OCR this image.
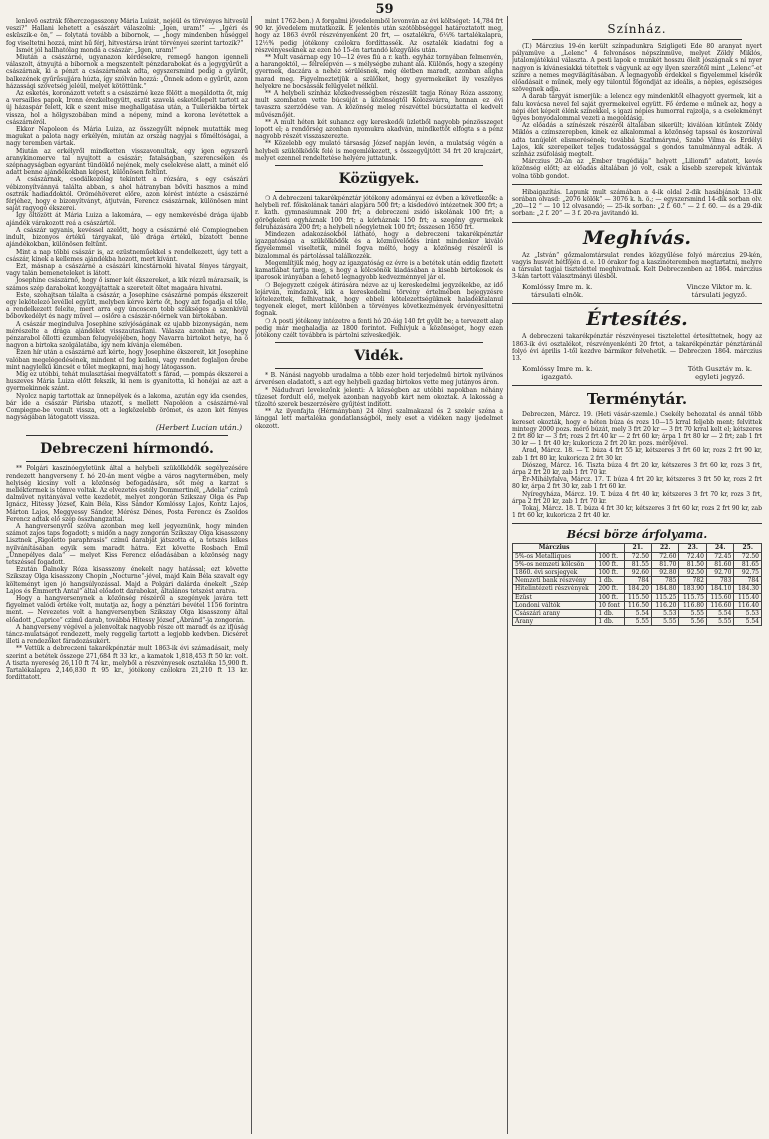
59

lenlevő osztrák főherczegasszony Mária Luizát, nejéül és törvényes hitvesül veszi?“ Hallani lehetett a császárt válaszolni: „Igen, uram!“ — „Igéri és esküszik-e ön,“ — folytatá tovább a bibornok, — „hogy mindenben hűséggel fog viseltetni hozzá, mint hű férj, hitvestársa iránt törvényei szerint tartozik?“

Ismét jól hallhatólag mondá a császár: „Igen, uram!“

Miután a császárné, ugyanazon kérdésekre, remegő hangon igenneli válaszolt, átnyujtá a bibornok a megszentelt pénzdarabokat és a jegygyűrűt a császárnak, ki a pénzt a császárnénak adta, egyszersmind pedig a gyűrűt, balkezének gyűrűsujjára húzta, így szólván hozzá: „Önnek adom e gyűrűt, azon házassági szövetség jeléül, melyet kötöttünk.“

Az esketés, koronázott vetett s a császárné keze fölött a megáldotta őt, míg a versailles papok, Ironn érezkeltegyütt, eszüt szavelá esketötlepelt tartott az új házaspár felett, kik e szent mise meghallgatása után, a Tuileriákba tértek vissza, hol a hölgyszobában mind a népeny, mind a korona levétettek a császárnéról.

Ekkor Napoleon és Mária Luiza, az összegyűlt népnek mutatták meg magukat a palota nagy erkélyén, miután az ország nagyjai s főméltóságai, a nagy teremben vártak.

Miután az erkélyről mindketten visszavonultak, egy igen egyszerű aranykinomerve tal nyujtott a császár; fatalságban, szerencséken és szépnagyságban egyaránt tündöklő nejének, mely cselekvése alatt, a minét elő adatt benne ajándékokban képest, különösen feltűnt.

A császárnak, csodálkozólag tekintett a rózsára, s egy császári vébizonyítvánnyá találta abban, s ahol hátranyban bővíti hasznos a mind osztrák hadiaddoktól. Oröméhöveret előre, azon kérést intézte a császárné férjéhez, hogy e bizonyítványt, átjutván, Ferencz császárnak, különösen mint saját ragyogó ékszerei.

Így öltözött át Mária Luiza a lakomára, — egy nemkevésbé drága újabb ajándék várakozott reá a császártól.

A császár ugyanis, kevéssel azelőtt, hogy a császárné elé Compiegneben indult, bizonyos értékű tárgyakat, ülé drága értékű, bízatott benne ajándékokban, különösen feltűnt.

Mint a nap többi császár is, az ezüstneműekkel s rendelkezett, úgy tett a császár, kinek a kellemes ajándékba hozott, mert kívánt.

Ezt, másnap a császárné a császári kincstárnoki hivatal fényes tárgyait, vagy talán bemeneteleket is látott.

Josephine császárnő, hogy ő ismer két ékszereket, a kik rézzű márazsaik, is számos szép darabokat kozgyájtattak a szereteit öltet magaára hivatni.

Este, szohajtsan tálalta a császár, a Josephine császárné pompás ékszereit egy lekötelezó levéllel együtt, melyben kérve kérte őt, hogy azt fogadja el tőle, a rendelkezett feleíte, mert arra egy úncoscen tobb szükséges a szenkívül bőbovkedélyt és nagy művel — oslőre a császár-nőérnek van birtokában.

A császár megindulva Josephine szívjóságának ez ujabb bizonyságán, nem mérészelte a drága ajándékot visszautasítani. Válasza azonban az, hogy pénzarabol öllotti ezumban felugyeléjében, hogy Navarra birtokot hetye, ha ő nagyon a birtoka szolgálatába, így nem kívánja elemében.

Ezen hír után a császárné azt kérte, hogy Josephine ékszereit, kit Josephine valóban megelégedésének, mindent el fog kelleni, vagy rendet foglaljon őrebe mint nagylelkű kincsét e tőlet megkapni, maj hogy látogasson.

Míg ez utóbbi, tehát mulasztásai megváltatott s fárad, — pompás ékszerei a huszeves Mária Luiza előtt fekszik, ki nem is gyanította, ki honéjai az azt a gyermekinnek szánt.

Nyolcz napig tartottak az ünnepélyek és a lakoma, azután egy ida csendes, bár ide a császár Párisba utazott, s mellett Napoléon a császárné-val Compiegne-be vonult vissza, ott a legközelebb örömet, és azon két fényes nagyságában látogatott vissza.

(Herbert Lucian után.)
Debreczeni hírmondó.

** Polgári kaszinóegyletünk által a helybeli szükölködők segélyezésére rendezett hangverseny f. hó 20-án ment végbe a város nagytermében, mely helyiség kicsiny volt a közönség befogadására, sőt még a karzat s melléktermek is tömve voltak. Az elvezetés estély Dommertinél, „Adelia“ czímű dalművet nyitányával vette kezdetét, melyet zongorán Szikszay Olga és Pap Ignácz, Hitessy József, Kain Béla, Kiss Sándor Komlóssy Lajos, Kontz Lajos, Márton Lajos, Meggyessy Sándor, Mérész Dénes, Posta Ferencz és Zsoldos Ferencz adtak elő szép összhangzattal.

A hangversenyről szólva azonban meg kell jegyeznünk, hogy minden számot zajos taps fogadott; s midőn a nagy zongorán Szikszay Olga kisasszony Lisztnek „Rigoletto paraphrasis“ czímű darabját játszotta el, a tetszés lelkes nyilvánításában egyik sem maradt hátra. Ezt követte Rosbach Emil „Ünnepélyes dala“ — melyet Kiss Ferencz előadásában a közönség nagy tetszéssel fogadott.

Ezután Dalnoky Róza kisasszony énekelt nagy hatással; ezt követte Szikszay Olga kisasszony Chopin „Nocturne“-jével, majd Kain Béla szavalt egy költeményt igen jó hangsúlyozással. Majd a Polgári dalárda énekelt „Szép Lajos és Emmerth Antal“ által előadott darabokat, általános tetszést aratva.

Hogy a hangversenynek a közönség részéről a szegények javára tett figyelmet valódi értéke volt, mutatja az, hogy a pénztári bevétel 1156 forintra ment. — Nevezetes volt a hangversenyben Szikszay Olga kisasszony által előadott „Caprice“ czímű darab, továbbá Hitessy József „Ábránd“-ja zongorán.

A hangverseny végével a jelenvoltak nagyobb része ott maradt és az ifjúság táncz-mulatságot rendezett, mely reggelig tartott a legjobb kedvben. Dicséret illeti a rendezőket fáradozásukért.

** Vettük a debreczeni takarékpénztár mult 1863-ik évi számadásait, mely szerint a betétek összege 271,684 ft 33 kr., a kamatok 1,818,453 ft 50 kr. volt. A tiszta nyereség 26,110 ft 74 kr., melyből a részvényesek osztaléka 15,900 ft. Tartalékalapra 2,146,830 ft 95 kr., jótékony czélokra 21,210 ft 13 kr. fordíttatott.

mint 1762-ben.) A forgalmi jövedelemből levonván az évi költséget: 14,784 frt 90 kr. jövedelem mutatkozik. E jelentés után szótöbbséggel határoztatott meg, hogy az 1863 évről részvényenként 20 frt, — osztalékra, 6¼% tartalékalapra, 12½% pedig jótékony czélokra fordíttassék. Az osztalék kiadatni fog a részvényeseknek az ezen hó 15-én tartandó közgyűlés után.

** Mult vasárnap egy 10—12 éves fiú a r. kath. egyház tornyában felmenvén, a harangoktól, — félrelépvén — s mélységbe zuhant alá. Különös, hogy a szegény gyermek, daczára a nehéz sérülésnek, még életben maradt, azonban aligha marad meg. Figyelmeztetjük a szülőket, hogy gyermekeiket ily veszélyes helyekre ne bocsássák felügyelet nélkül.

** A helybeli színház közkedvességben részesült tagja Rónay Róza asszony, mult szombaton vette búcsúját a közönségtől Kolozsvárra, honnan ez évi tavaszra szerződése van. A közönség meleg részvéttel búcsúztatta el kedvelt művésznőjét.

** A mult héten két suhancz egy kereskedői üzletből nagyobb pénzösszeget lopott el; a rendőrség azonban nyomukra akadván, mindkettőt elfogta s a pénz nagyobb részét visszaszerezte.

** Közelebb egy mulató társaság József napján levén, a mulatság végén a helybeli szükölködők felé is megemlékezett, s összegyűjtött 34 frt 20 krajczárt, melyet ezennel rendeltetése helyére juttatunk.

Közügyek.

❍ A debreczeni takarékpénztár jótékony adományai ez évben a következők: a helybeli ref. főiskolának tanári alapjára 500 frt; a kisdedóvó intézetnek 300 frt; a r. kath. gymnasiumnak 200 frt; a debreczeni zsidó iskolának 100 frt; a görögkeleti egyháznak 100 frt; a kórháznak 150 frt; a szegény gyermekek felruházására 200 frt; a helybeli nőegyletnek 100 frt; összesen 1650 frt.

Mindezen adakozásokból látható, hogy a debreczeni takarékpénztár igazgatósága a szükölködők és a közművelődés iránt mindenkor kiváló figyelemmel viseltetik, minél fogva méltó, hogy a közönség részéről is bizalommal és pártolással találkozzék.

Megemlítjük még, hogy az igazgatóság ez évre is a betétek után eddig fizetett kamatlábat tartja meg, s hogy a kölcsönök kiadásában a kisebb birtokosok és iparosok irányában a lehető legnagyobb kedvezménnyel jár el.

❍ Bejegyzett czégek átirására nézve az uj kereskedelmi jegyzékekbe, az idő lejárván, mindazok, kik a kereskedelmi törvény értelmében bejegyzésre kötelezettek, felhivatnak, hogy ebbeli kötelezettségüknek haladéktalanul tegyenek eleget, mert különben a törvényes következmények érvényesíttetni fognak.

❍ A posti jótékony intézetre a fenti hó 20-áig 140 frt gyűlt be; a tervezett alap pedig már meghaladja az 1800 forintot. Felhívjuk a közönséget, hogy ezen jótékony czélt továbbra is pártolni szíveskedjék.

Vidék.

* B. Nánási nagyobb uradalma a több ezer hold terjedelmű birtok nyilvános árverésen eladatott, s azt egy helybeli gazdag birtokos vette meg jutányos áron.

* Nádudvari levelezőnk jelenti: A községben az utóbbi napokban néhány tűzeset fordult elő, melyek azonban nagyobb kárt nem okoztak. A lakosság a tűzoltó szerek beszerzésére gyűjtést indított.

** Az ilyenfajta (Hérmányban) 24 ölnyi szalmakazal és 2 szekér széna a lánggal lett martaléka gondatlanságból, mely eset a vidéken nagy ijedelmet okozott.

Színház.

(T.) Márczius 19-én került színpadunkra Szigligeti Ede 80 aranyat nyert pályamüve a „Lelenc“ 4 felvonásos népszínmüve, melyet Zöldy Miklós, jutalomjátékául választa. A pesti lapok e munkét hosszu ölelt jószágnak s ní nyer nagyon is kívánesiakká tétettek s vágyunk az egy ilyen szerzőtől mint ,,Lelenc“-et színre a nemes megvilágításában. A legnagyobb érdekkel s figyelemmel kísérők előadásait e műnek, mely egy túlontúl főgondját az ideális, a népies, egészséges szövegnek adja.

A darab tárgyát ismerjük: a lelencz egy mindenkitől elhagyott gyermek, kit a falu kovácsa nevel fel saját gyermekeivel együtt. Fő érdeme e műnek az, hogy a népi élet képeit élénk színekkel, s igazi népies humorral rajzolja, s a cselekményt ügyes bonyodalommal vezeti a megoldásig.

Az előadás a színészek részéről általában sikerült; kiválóan kitűntek Zöldy Miklós a czímszerepben, kinek ez alkalommal a közönség tapssal és koszorúval adta tanújelét elismerésének; továbbá Szathmáryné, Szabó Vilma és Erdélyi Lajos, kik szerepeiket teljes tudatossággal s gondos tanulmánnyal adták. A színház zsúfolásig megtelt.

Márczius 20-án az „Ember tragédiája“ helyett „Liliomfi“ adatott, kevés közönség előtt; az előadás általában jó volt, csak a kisebb szerepek kívántak volna több gondot.

Hibaigazítás. Lapunk mult számában a 4-ik oldal 2-dik hasábjának 13-dik sorában olvasd: „2076 kölök“ — 3076 k. h. ö.; — egyszersmind 14-dik sorban olv. „20—12 “ — 10 12 olvasandó; — 25-ik sorban: „2 f. 60.“ — 2 f. 60. — és a 29-dik sorban: „2 f. 20“ — 3 f. 20-ra javitandó ki.

Meghívás.

Az „István“ gőzmalomtársulat rendes közgyűlése folyó márczius 29-kén, vagyis husvét hétfőjén d. e. 10 órakor fog a kaszinóteremben megtartatni, melyre a társulat tagjai tisztelettel meghivatnak. Kelt Debreczenben az 1864. márczius 3-kán tartott választmányi ülésből.

Komlóssy Imre m. k.
társulati elnök.
Vincze Viktor m. k.
társulati jegyző.
Értesítés.

A debreczeni takarékpénztár részvényesei tisztelettel értesíttetnek, hogy az 1863-ik évi osztalékot, részvényenkénti 20 frtot, a takarékpénztár pénztáránál folyó évi április 1-től kezdve bármikor felvehetik. — Debreczen 1864. márczius 13.

Komlóssy Imre m. k.
igazgató.
Tóth Gusztáv m. k.
egyleti jegyző.
Terménytár.

Debreczen, Márcz. 19. (Heti vásár-szemle.) Csekély behozatal és annál több kereset okozták, hogy e héten búza és rozs 10—15 krral feljebb ment; felvittek mintegy 2000 pozs. mérő búzát, mely 3 frt 20 kr — 3 frt 70 krral kelt el; kétszeres 2 frt 80 kr — 3 frt; rozs 2 frt 40 kr — 2 frt 60 kr; árpa 1 frt 80 kr — 2 frt; zab 1 frt 30 kr — 1 frt 40 kr; kukoricza 2 frt 20 kr. pozs. mérőjével.

Arad, Márcz. 18. — T. búza 4 frt 55 kr, kétszeres 3 frt 60 kr, rozs 2 frt 90 kr, zab 1 frt 80 kr, kukoricza 2 frt 30 kr.

Diószeg, Márcz. 16. Tiszta búza 4 frt 20 kr, kétszeres 3 frt 60 kr, rozs 3 frt, árpa 2 frt 20 kr, zab 1 frt 70 kr.

Ér-Mihályfalva, Márcz. 17. T. búza 4 frt 20 kr, kétszeres 3 frt 50 kr, rozs 2 frt 80 kr, árpa 2 frt 30 kr, zab 1 frt 60 kr.

Nyíregyháza, Márcz. 19. T. búza 4 frt 40 kr, kétszeres 3 frt 70 kr, rozs 3 frt, árpa 2 frt 20 kr, zab 1 frt 70 kr.

Tokaj, Márcz. 18. T. búza 4 frt 30 kr, kétszeres 3 frt 60 kr, rozs 2 frt 90 kr, zab 1 frt 60 kr, kukoricza 2 frt 40 kr.

Bécsi börze árfolyama.
Márczius		21.	22.	23.	24.	25.
5%-os Metalliques	100 ft.	72.50	72.60	72.40	72.45	72.50
5%-os nemzeti kölcsön	100 ft.	81.55	81.70	81.50	81.60	81.65
1860. évi sorsjegyek	100 ft.	92.60	92.80	92.50	92.70	92.75
Nemzeti bank részvény	1 db.	784	785	782	783	784
Hitelintézeti részvények	200 ft.	184.20	184.80	183.90	184.10	184.30
Ezüst	100 ft.	115.50	115.25	115.75	115.60	115.40
Londoni váltók	10 font	116.50	116.20	116.80	116.60	116.40
Császári arany	1 db.	5.54	5.53	5.55	5.54	5.53
Arany	1 db.	5.55	5.55	5.56	5.55	5.54
